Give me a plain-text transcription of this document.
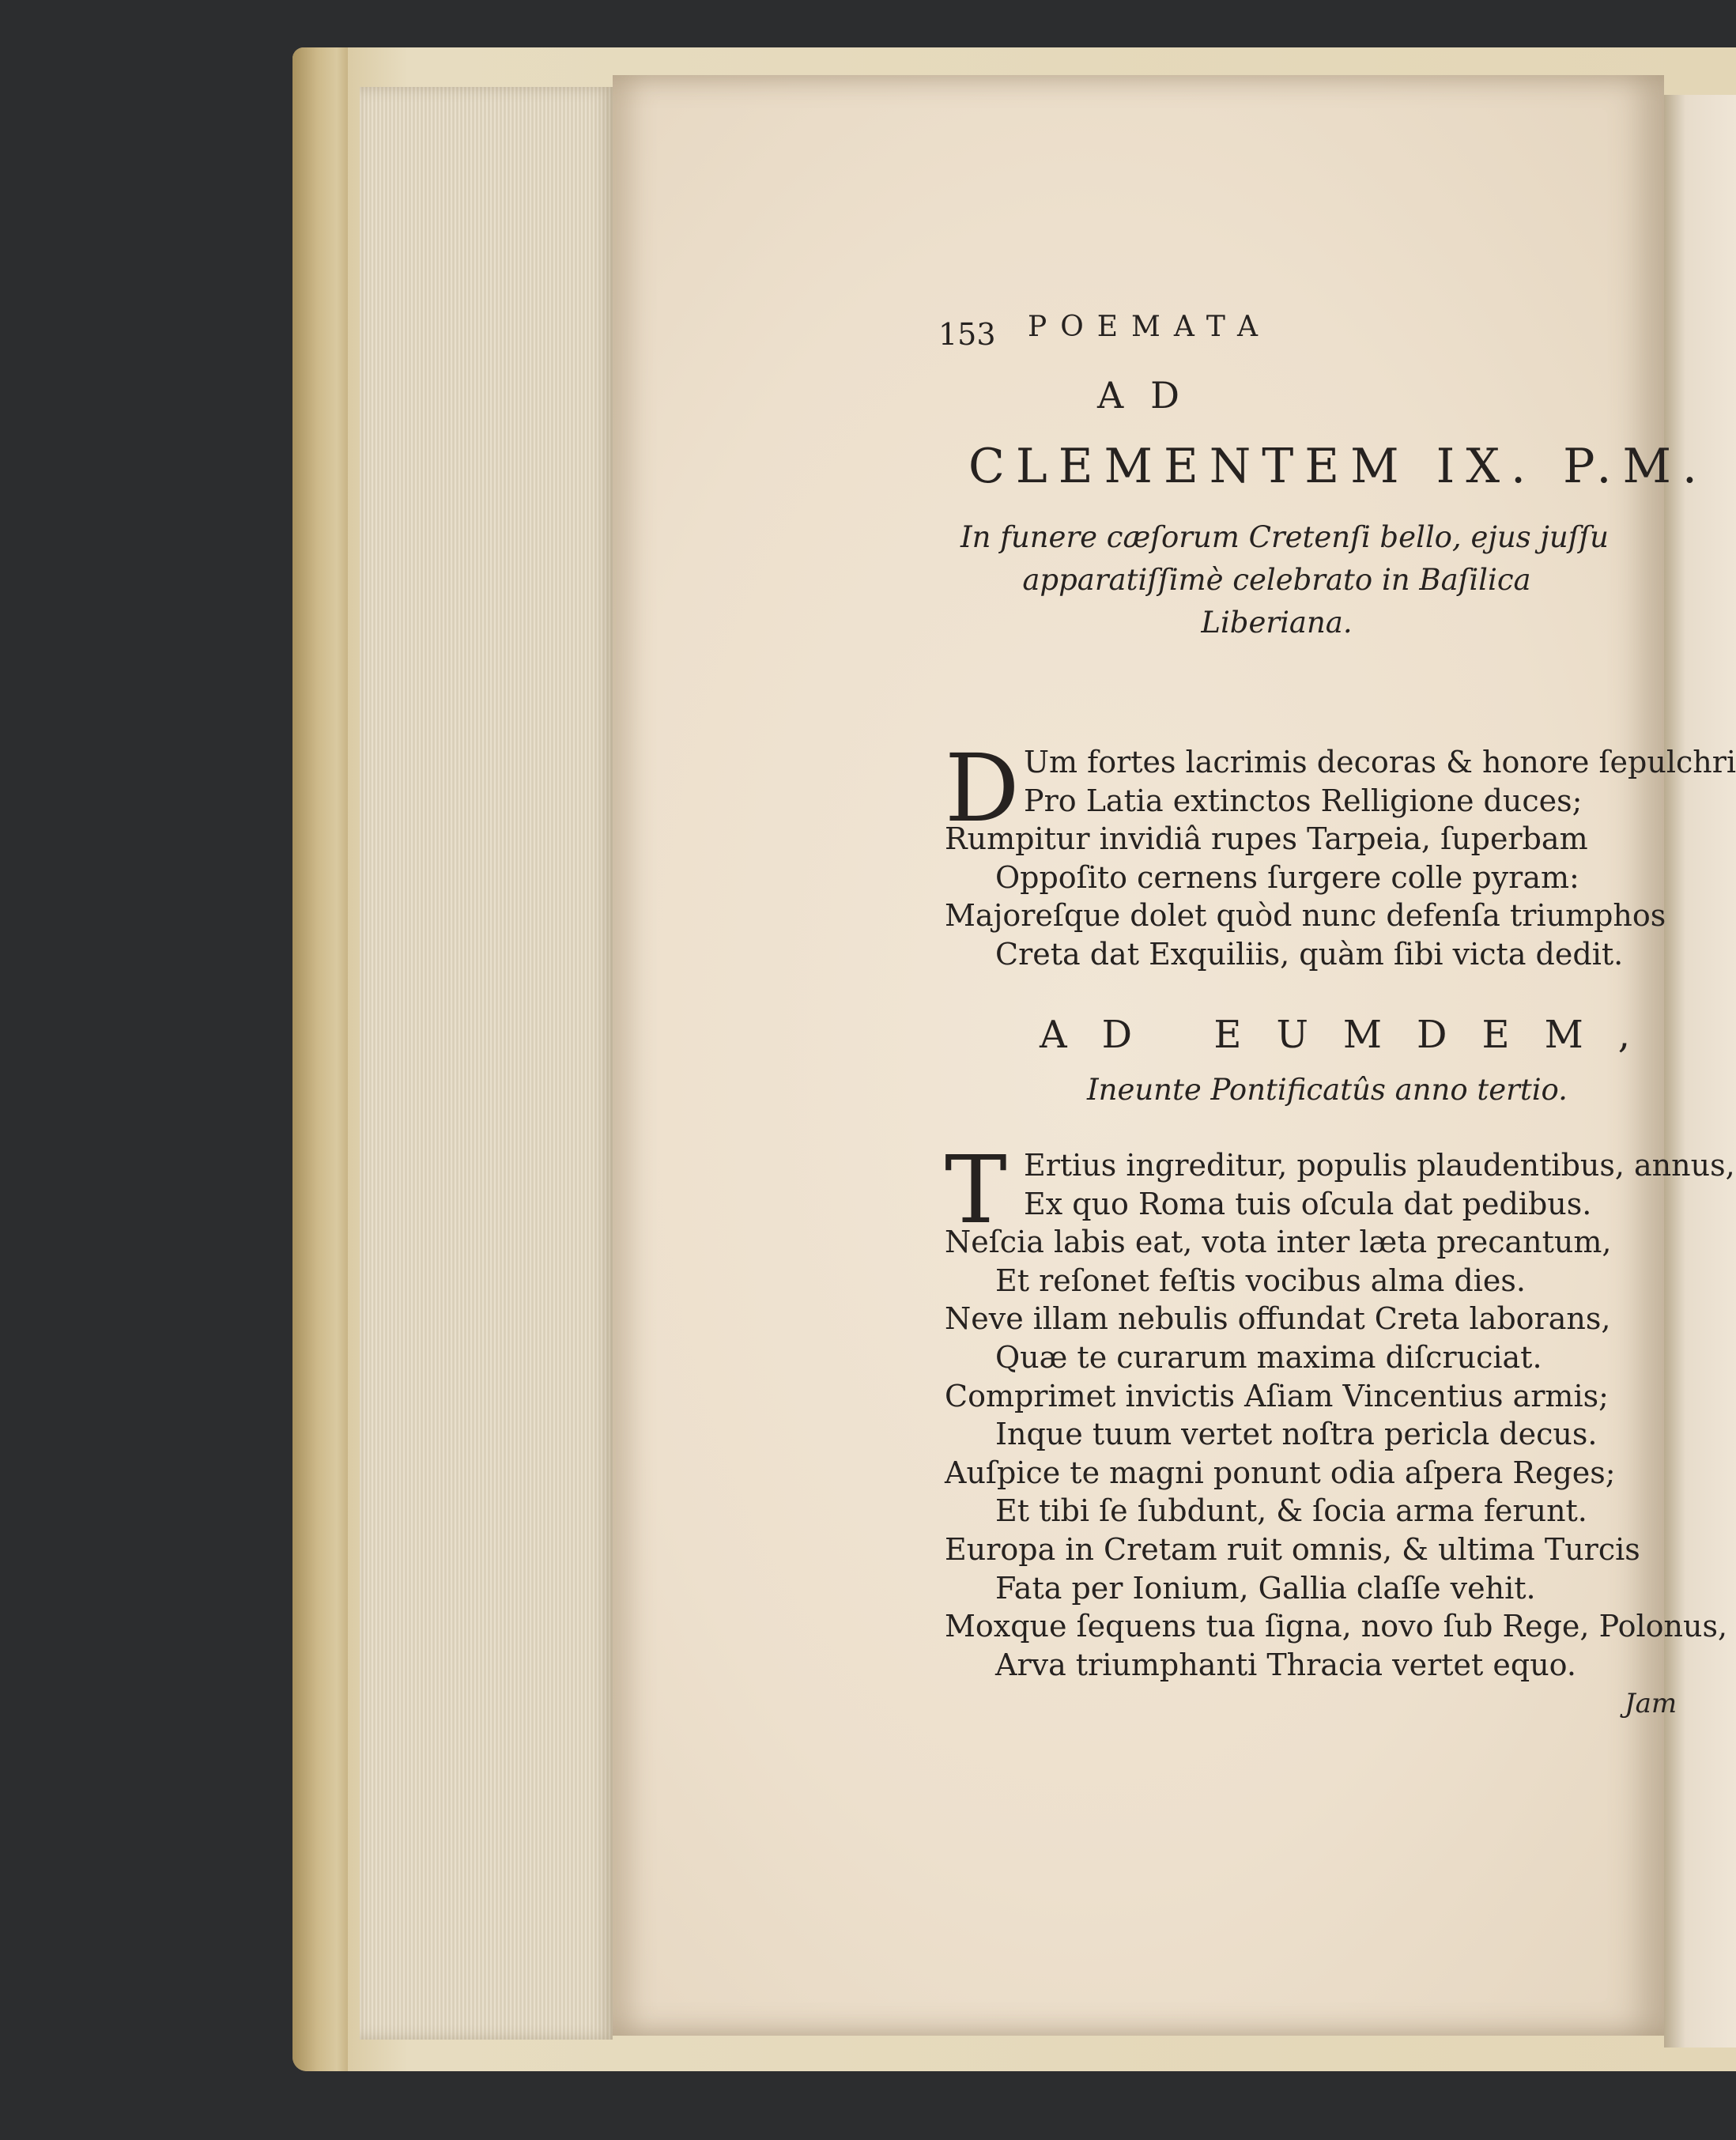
153 POEMATA
AD
CLEMENTEM IX. P.M.
In funere cæſorum Cretenſi bello, ejus juſſu
apparatiſſimè celebrato in Baſilica
Liberiana.
D Um fortes lacrimis decoras & honore ſepulchri
Pro Latia extinctos Relligione duces;
Rumpitur invidiâ rupes Tarpeia, ſuperbam
Oppoſito cernens ſurgere colle pyram:
Majoreſque dolet quòd nunc defenſa triumphos
Creta dat Exquiliis, quàm ſibi victa dedit.
AD EUMDEM,
Ineunte Pontificatûs anno tertio.
T Ertius ingreditur, populis plaudentibus, annus,
Ex quo Roma tuis oſcula dat pedibus.
Neſcia labis eat, vota inter læta precantum,
Et reſonet feſtis vocibus alma dies.
Neve illam nebulis offundat Creta laborans,
Quæ te curarum maxima diſcruciat.
Comprimet invictis Aſiam Vincentius armis;
Inque tuum vertet noſtra pericla decus.
Auſpice te magni ponunt odia aſpera Reges;
Et tibi ſe ſubdunt, & ſocia arma ferunt.
Europa in Cretam ruit omnis, & ultima Turcis
Fata per Ionium, Gallia claſſe vehit.
Moxque ſequens tua ſigna, novo ſub Rege, Polonus,
Arva triumphanti Thracia vertet equo.
Jam
